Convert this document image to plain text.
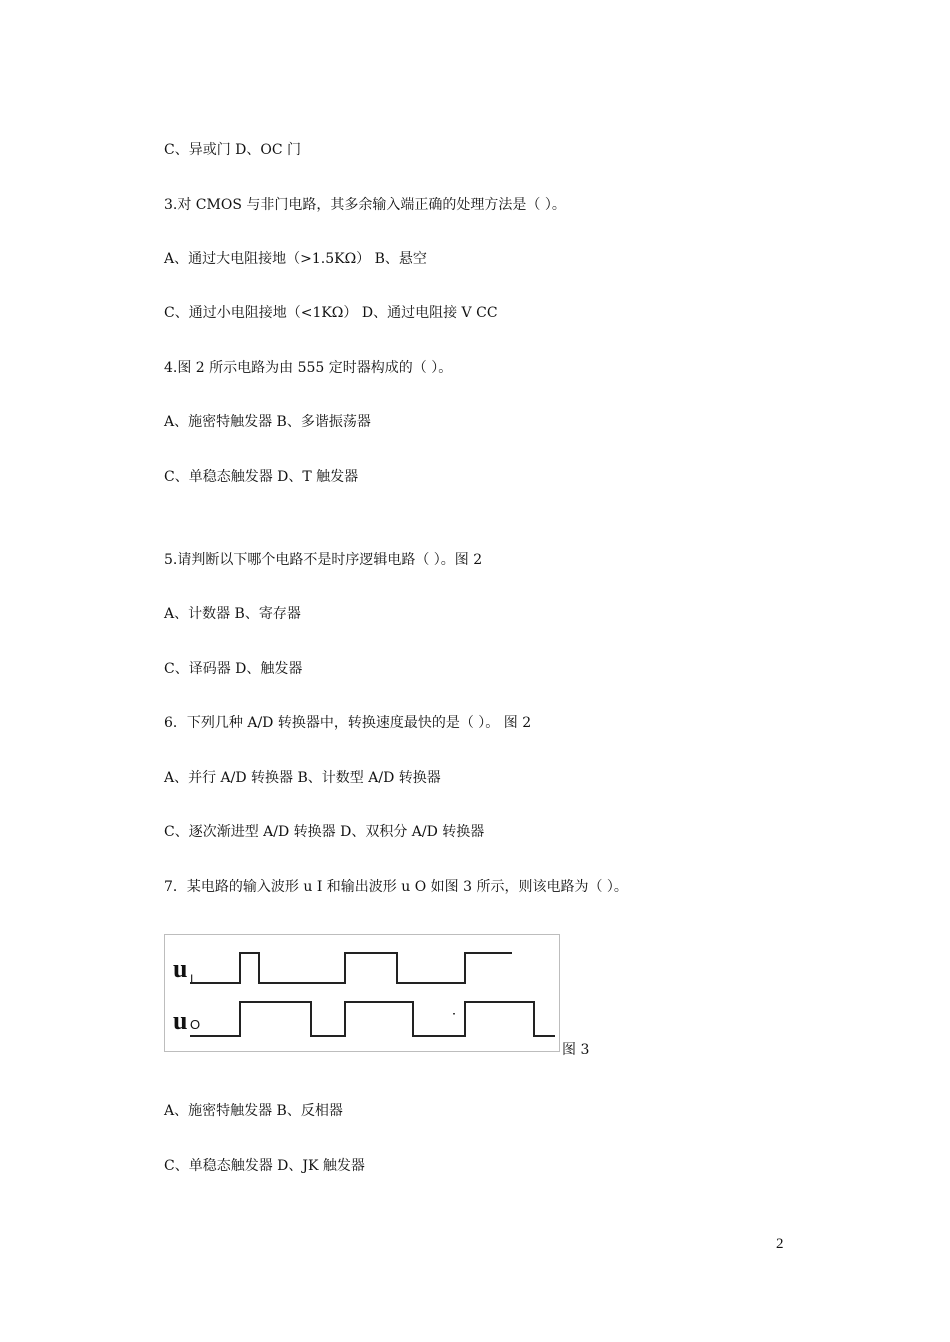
C、异或门 D、OC 门
3.对 CMOS 与非门电路，其多余输入端正确的处理方法是（ ）。
A、通过大电阻接地（>1.5KΩ） B、悬空
C、通过小电阻接地（<1KΩ） D、通过电阻接 V CC
4.图 2 所示电路为由 555 定时器构成的（ ）。
A、施密特触发器 B、多谐振荡器
C、单稳态触发器 D、T 触发器
5.请判断以下哪个电路不是时序逻辑电路（ ）。图 2
A、计数器 B、寄存器
C、译码器 D、触发器
6．下列几种 A/D 转换器中，转换速度最快的是（ ）。 图 2
A、并行 A/D 转换器 B、计数型 A/D 转换器
C、逐次渐进型 A/D 转换器 D、双积分 A/D 转换器
7．某电路的输入波形 u I 和输出波形 u O 如图 3 所示，则该电路为（ ）。
u I
u O
图 3
A、施密特触发器 B、反相器
C、单稳态触发器 D、JK 触发器
2
